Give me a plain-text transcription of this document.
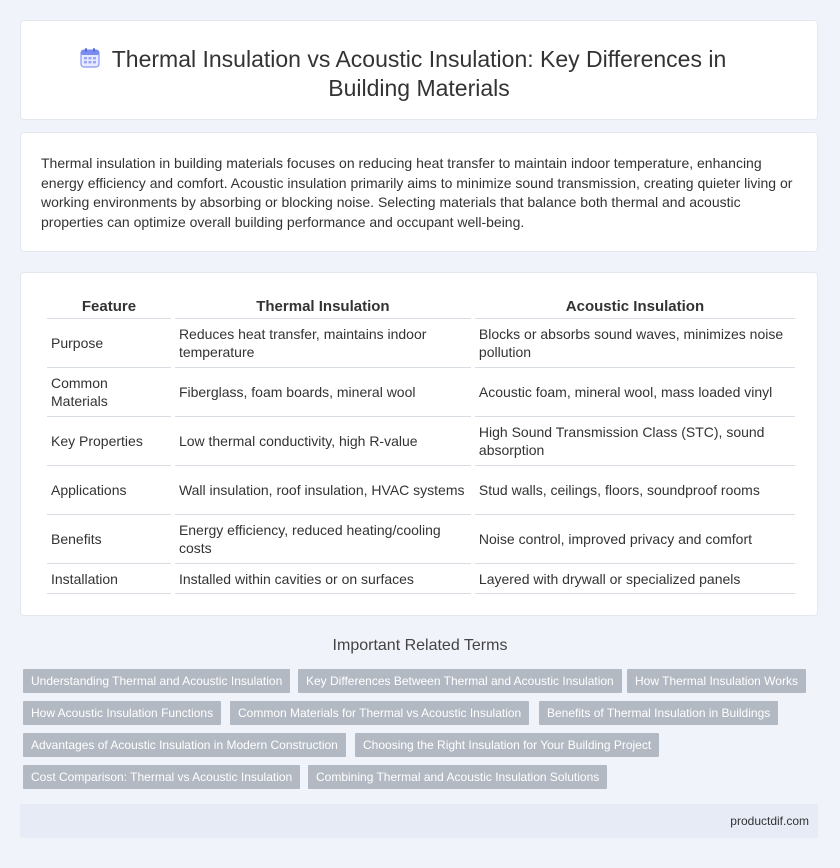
Thermal Insulation vs Acoustic Insulation: Key Differences in Building Materials

Thermal insulation in building materials focuses on reducing heat transfer to maintain indoor temperature, enhancing energy efficiency and comfort. Acoustic insulation primarily aims to minimize sound transmission, creating quieter living or working environments by absorbing or blocking noise. Selecting materials that balance both thermal and acoustic properties can optimize overall building performance and occupant well-being.

Feature	Thermal Insulation	Acoustic Insulation
Purpose	Reduces heat transfer, maintains indoor temperature	Blocks or absorbs sound waves, minimizes noise pollution
Common Materials	Fiberglass, foam boards, mineral wool	Acoustic foam, mineral wool, mass loaded vinyl
Key Properties	Low thermal conductivity, high R-value	High Sound Transmission Class (STC), sound absorption
Applications	Wall insulation, roof insulation, HVAC systems	Stud walls, ceilings, floors, soundproof rooms
Benefits	Energy efficiency, reduced heating/cooling costs	Noise control, improved privacy and comfort
Installation	Installed within cavities or on surfaces	Layered with drywall or specialized panels
Important Related Terms
Understanding Thermal and Acoustic Insulation	Key Differences Between Thermal and Acoustic Insulation	How Thermal Insulation Works
How Acoustic Insulation Functions	Common Materials for Thermal vs Acoustic Insulation	Benefits of Thermal Insulation in Buildings
Advantages of Acoustic Insulation in Modern Construction	Choosing the Right Insulation for Your Building Project
Cost Comparison: Thermal vs Acoustic Insulation	Combining Thermal and Acoustic Insulation Solutions
productdif.com
